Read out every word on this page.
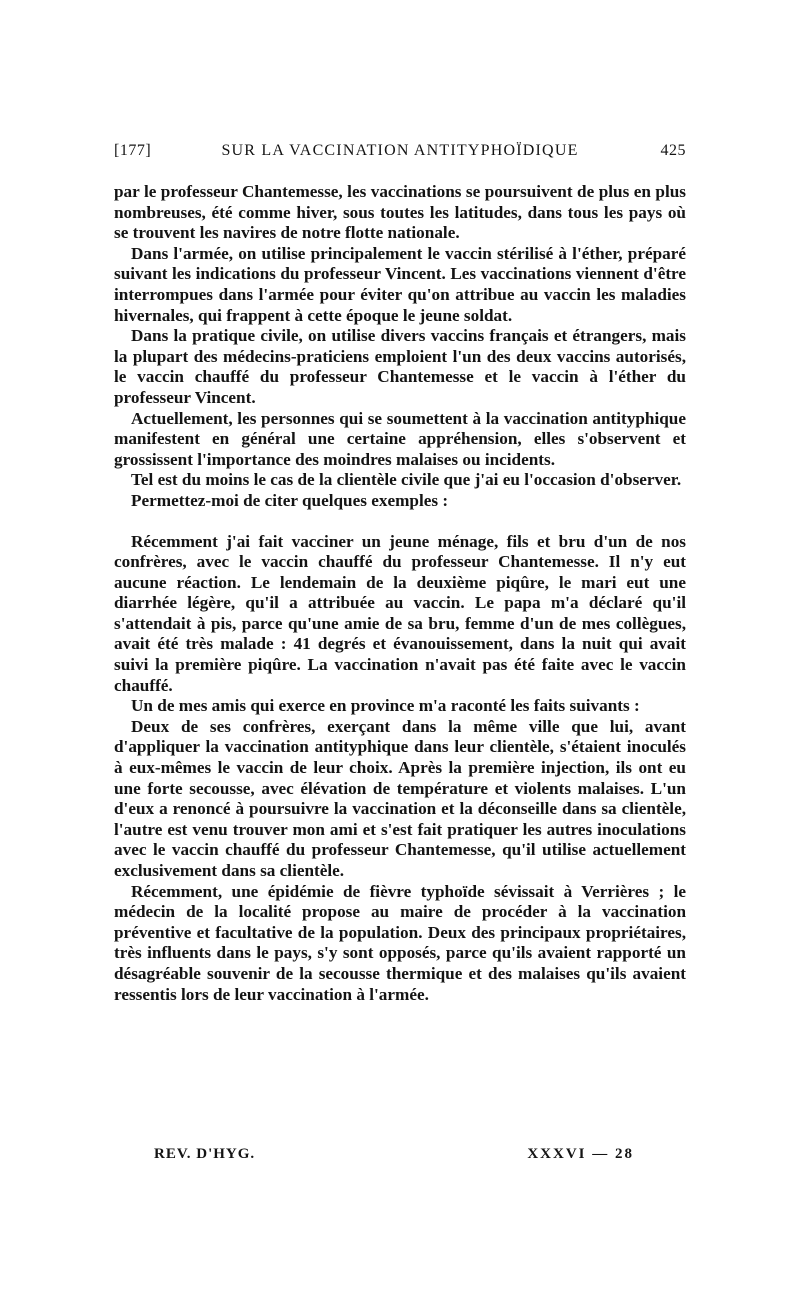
[177]	SUR LA VACCINATION ANTITYPHOÏDIQUE	425

par le professeur Chantemesse, les vaccinations se poursuivent de plus en plus nombreuses, été comme hiver, sous toutes les latitudes, dans tous les pays où se trouvent les navires de notre flotte nationale.

Dans l'armée, on utilise principalement le vaccin stérilisé à l'éther, préparé suivant les indications du professeur Vincent. Les vaccinations viennent d'être interrompues dans l'armée pour éviter qu'on attribue au vaccin les maladies hivernales, qui frappent à cette époque le jeune soldat.

Dans la pratique civile, on utilise divers vaccins français et étrangers, mais la plupart des médecins-praticiens emploient l'un des deux vaccins autorisés, le vaccin chauffé du professeur Chantemesse et le vaccin à l'éther du professeur Vincent.

Actuellement, les personnes qui se soumettent à la vaccination antityphique manifestent en général une certaine appréhension, elles s'observent et grossissent l'importance des moindres malaises ou incidents.

Tel est du moins le cas de la clientèle civile que j'ai eu l'occasion d'observer.

Permettez-moi de citer quelques exemples :

Récemment j'ai fait vacciner un jeune ménage, fils et bru d'un de nos confrères, avec le vaccin chauffé du professeur Chantemesse. Il n'y eut aucune réaction. Le lendemain de la deuxième piqûre, le mari eut une diarrhée légère, qu'il a attribuée au vaccin. Le papa m'a déclaré qu'il s'attendait à pis, parce qu'une amie de sa bru, femme d'un de mes collègues, avait été très malade : 41 degrés et évanouissement, dans la nuit qui avait suivi la première piqûre. La vaccination n'avait pas été faite avec le vaccin chauffé.

Un de mes amis qui exerce en province m'a raconté les faits suivants :

Deux de ses confrères, exerçant dans la même ville que lui, avant d'appliquer la vaccination antityphique dans leur clientèle, s'étaient inoculés à eux-mêmes le vaccin de leur choix. Après la première injection, ils ont eu une forte secousse, avec élévation de température et violents malaises. L'un d'eux a renoncé à poursuivre la vaccination et la déconseille dans sa clientèle, l'autre est venu trouver mon ami et s'est fait pratiquer les autres inoculations avec le vaccin chauffé du professeur Chantemesse, qu'il utilise actuellement exclusivement dans sa clientèle.

Récemment, une épidémie de fièvre typhoïde sévissait à Verrières ; le médecin de la localité propose au maire de procéder à la vaccination préventive et facultative de la population. Deux des principaux propriétaires, très influents dans le pays, s'y sont opposés, parce qu'ils avaient rapporté un désagréable souvenir de la secousse thermique et des malaises qu'ils avaient ressentis lors de leur vaccination à l'armée.

REV. D'HYG.	XXXVI — 28
